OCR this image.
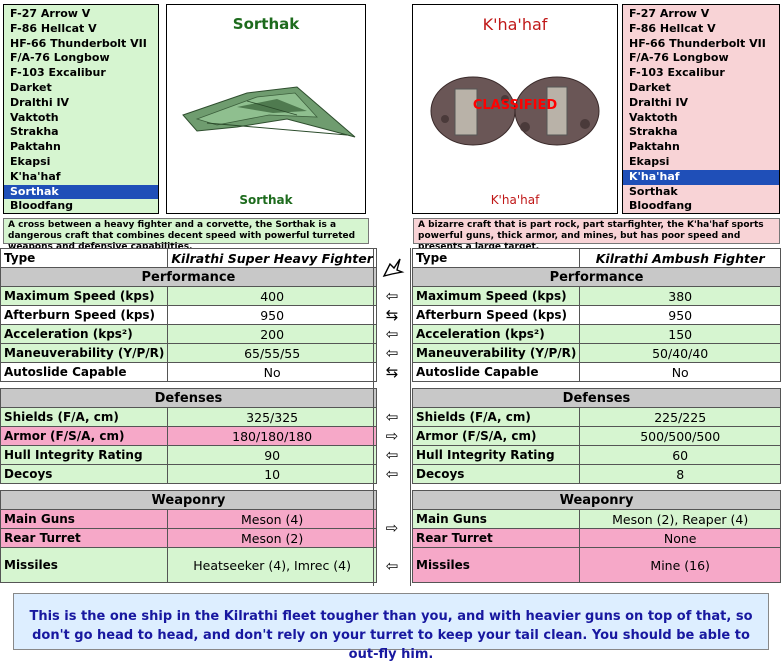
F-27 Arrow V
F-86 Hellcat V
HF-66 Thunderbolt VII
F/A-76 Longbow
F-103 Excalibur
Darket
Dralthi IV
Vaktoth
Strakha
Paktahn
Ekapsi
K'ha'haf
Sorthak
Bloodfang
Sorthak
Sorthak
K'ha'haf
CLASSIFIED
K'ha'haf
F-27 Arrow V
F-86 Hellcat V
HF-66 Thunderbolt VII
F/A-76 Longbow
F-103 Excalibur
Darket
Dralthi IV
Vaktoth
Strakha
Paktahn
Ekapsi
K'ha'haf
Sorthak
Bloodfang
A cross between a heavy fighter and a corvette, the Sorthak is a dangerous craft that combines decent speed with powerful turreted weapons and defensive capabilities.
A bizarre craft that is part rock, part starfighter, the K'ha'haf sports powerful guns, thick armor, and mines, but has poor speed and presents a large target.
Type	Kilrathi Super Heavy Fighter
Performance	
Maximum Speed (kps)	400
Afterburn Speed (kps)	950
Acceleration (kps²)	200
Maneuverability (Y/P/R)	65/55/55
Autoslide Capable	No

Defenses	
Shields (F/A, cm)	325/325
Armor (F/S/A, cm)	180/180/180
Hull Integrity Rating	90
Decoys	10

Weaponry	
Main Guns	Meson (4)
Rear Turret	Meson (2)
Missiles	Heatseeker (4), Imrec (4)
Type	Kilrathi Ambush Fighter
Performance	
Maximum Speed (kps)	380
Afterburn Speed (kps)	950
Acceleration (kps²)	150
Maneuverability (Y/P/R)	50/40/40
Autoslide Capable	No

Defenses	
Shields (F/A, cm)	225/225
Armor (F/S/A, cm)	500/500/500
Hull Integrity Rating	60
Decoys	8

Weaponry	
Main Guns	Meson (2), Reaper (4)
Rear Turret	None
Missiles	Mine (16)
⇦
⇆
⇦
⇦
⇆
⇦
⇨
⇦
⇦
⇨
⇦
This is the one ship in the Kilrathi fleet tougher than you, and with heavier guns on top of that, so don't go head to head, and don't rely on your turret to keep your tail clean. You should be able to out-fly him.
